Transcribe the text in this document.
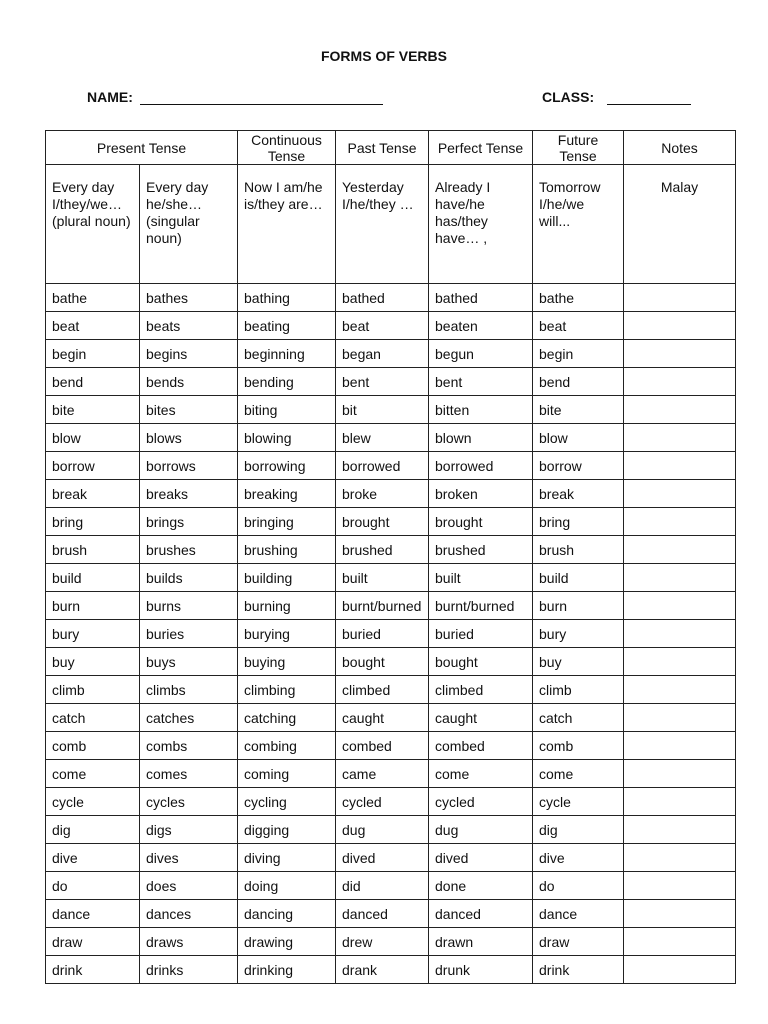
FORMS OF VERBS
NAME:	CLASS:
Present Tense		Continuous Tense	Past Tense	Perfect Tense	Future Tense	Notes
Every day I/they/we… (plural noun)	Every day he/she… (singular noun)	Now I am/he is/they are…	Yesterday I/he/they …	Already I have/he has/they have… ,	Tomorrow I/he/we will...	Malay
bathe	bathes	bathing	bathed	bathed	bathe	
beat	beats	beating	beat	beaten	beat	
begin	begins	beginning	began	begun	begin	
bend	bends	bending	bent	bent	bend	
bite	bites	biting	bit	bitten	bite	
blow	blows	blowing	blew	blown	blow	
borrow	borrows	borrowing	borrowed	borrowed	borrow	
break	breaks	breaking	broke	broken	break	
bring	brings	bringing	brought	brought	bring	
brush	brushes	brushing	brushed	brushed	brush	
build	builds	building	built	built	build	
burn	burns	burning	burnt/burned	burnt/burned	burn	
bury	buries	burying	buried	buried	bury	
buy	buys	buying	bought	bought	buy	
climb	climbs	climbing	climbed	climbed	climb	
catch	catches	catching	caught	caught	catch	
comb	combs	combing	combed	combed	comb	
come	comes	coming	came	come	come	
cycle	cycles	cycling	cycled	cycled	cycle	
dig	digs	digging	dug	dug	dig	
dive	dives	diving	dived	dived	dive	
do	does	doing	did	done	do	
dance	dances	dancing	danced	danced	dance	
draw	draws	drawing	drew	drawn	draw	
drink	drinks	drinking	drank	drunk	drink	
